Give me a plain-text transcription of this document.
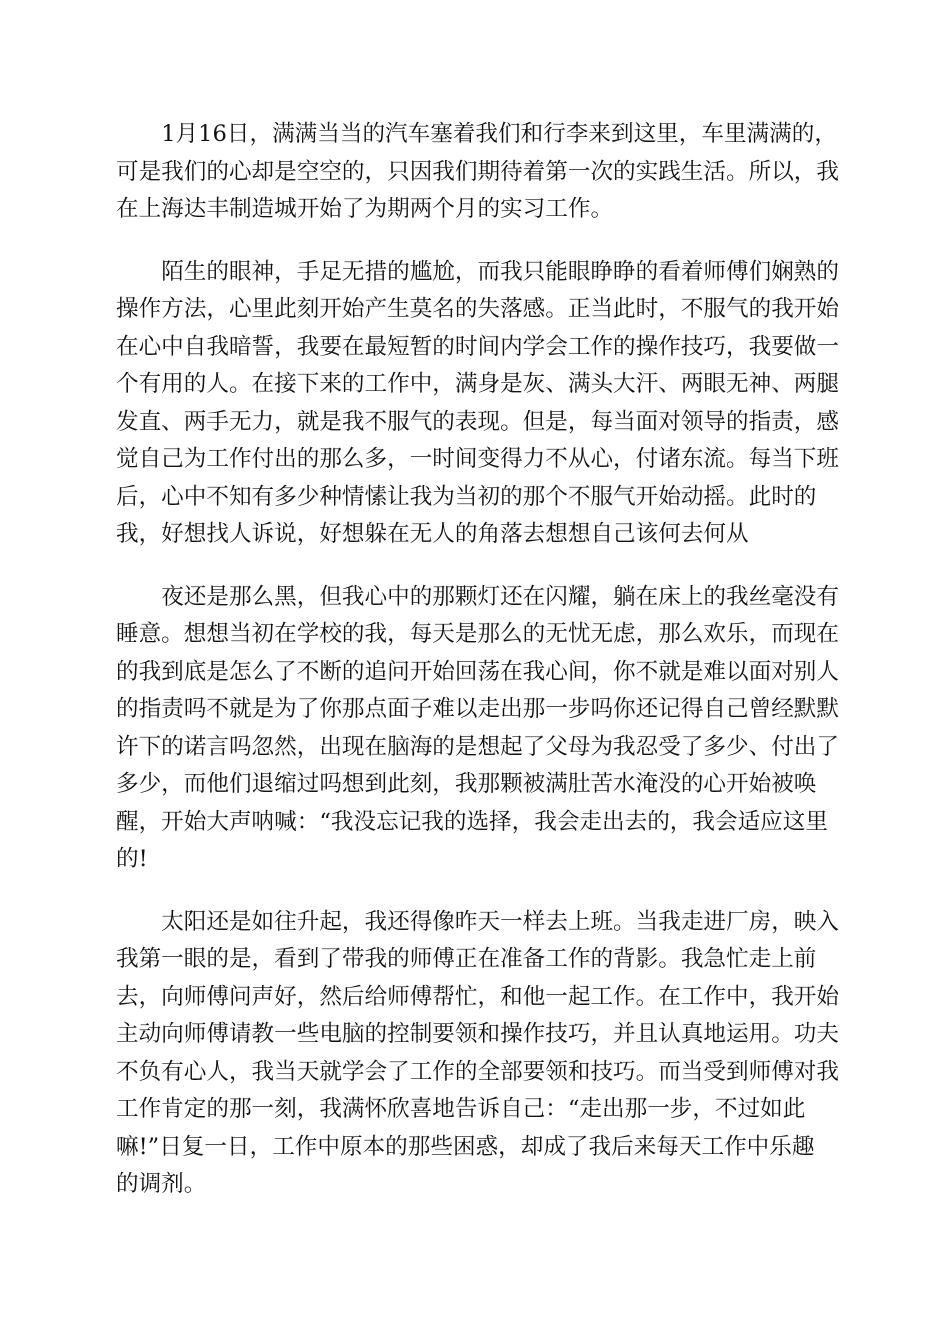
1月16日，满满当当的汽车塞着我们和行李来到这里，车里满满的，
可是我们的心却是空空的，只因我们期待着第一次的实践生活。所以，我
在上海达丰制造城开始了为期两个月的实习工作。

陌生的眼神，手足无措的尴尬，而我只能眼睁睁的看着师傅们娴熟的
操作方法，心里此刻开始产生莫名的失落感。正当此时，不服气的我开始
在心中自我暗誓，我要在最短暂的时间内学会工作的操作技巧，我要做一
个有用的人。在接下来的工作中，满身是灰、满头大汗、两眼无神、两腿
发直、两手无力，就是我不服气的表现。但是，每当面对领导的指责，感
觉自己为工作付出的那么多，一时间变得力不从心，付诸东流。每当下班
后，心中不知有多少种情愫让我为当初的那个不服气开始动摇。此时的
我，好想找人诉说，好想躲在无人的角落去想想自己该何去何从

夜还是那么黑，但我心中的那颗灯还在闪耀，躺在床上的我丝毫没有
睡意。想想当初在学校的我，每天是那么的无忧无虑，那么欢乐，而现在
的我到底是怎么了不断的追问开始回荡在我心间，你不就是难以面对别人
的指责吗不就是为了你那点面子难以走出那一步吗你还记得自己曾经默默
许下的诺言吗忽然，出现在脑海的是想起了父母为我忍受了多少、付出了
多少，而他们退缩过吗想到此刻，我那颗被满肚苦水淹没的心开始被唤
醒，开始大声呐喊：“我没忘记我的选择，我会走出去的，我会适应这里
的!

太阳还是如往升起，我还得像昨天一样去上班。当我走进厂房，映入
我第一眼的是，看到了带我的师傅正在准备工作的背影。我急忙走上前
去，向师傅问声好，然后给师傅帮忙，和他一起工作。在工作中，我开始
主动向师傅请教一些电脑的控制要领和操作技巧，并且认真地运用。功夫
不负有心人，我当天就学会了工作的全部要领和技巧。而当受到师傅对我
工作肯定的那一刻，我满怀欣喜地告诉自己：“走出那一步，不过如此
嘛!”日复一日，工作中原本的那些困惑，却成了我后来每天工作中乐趣
的调剂。
